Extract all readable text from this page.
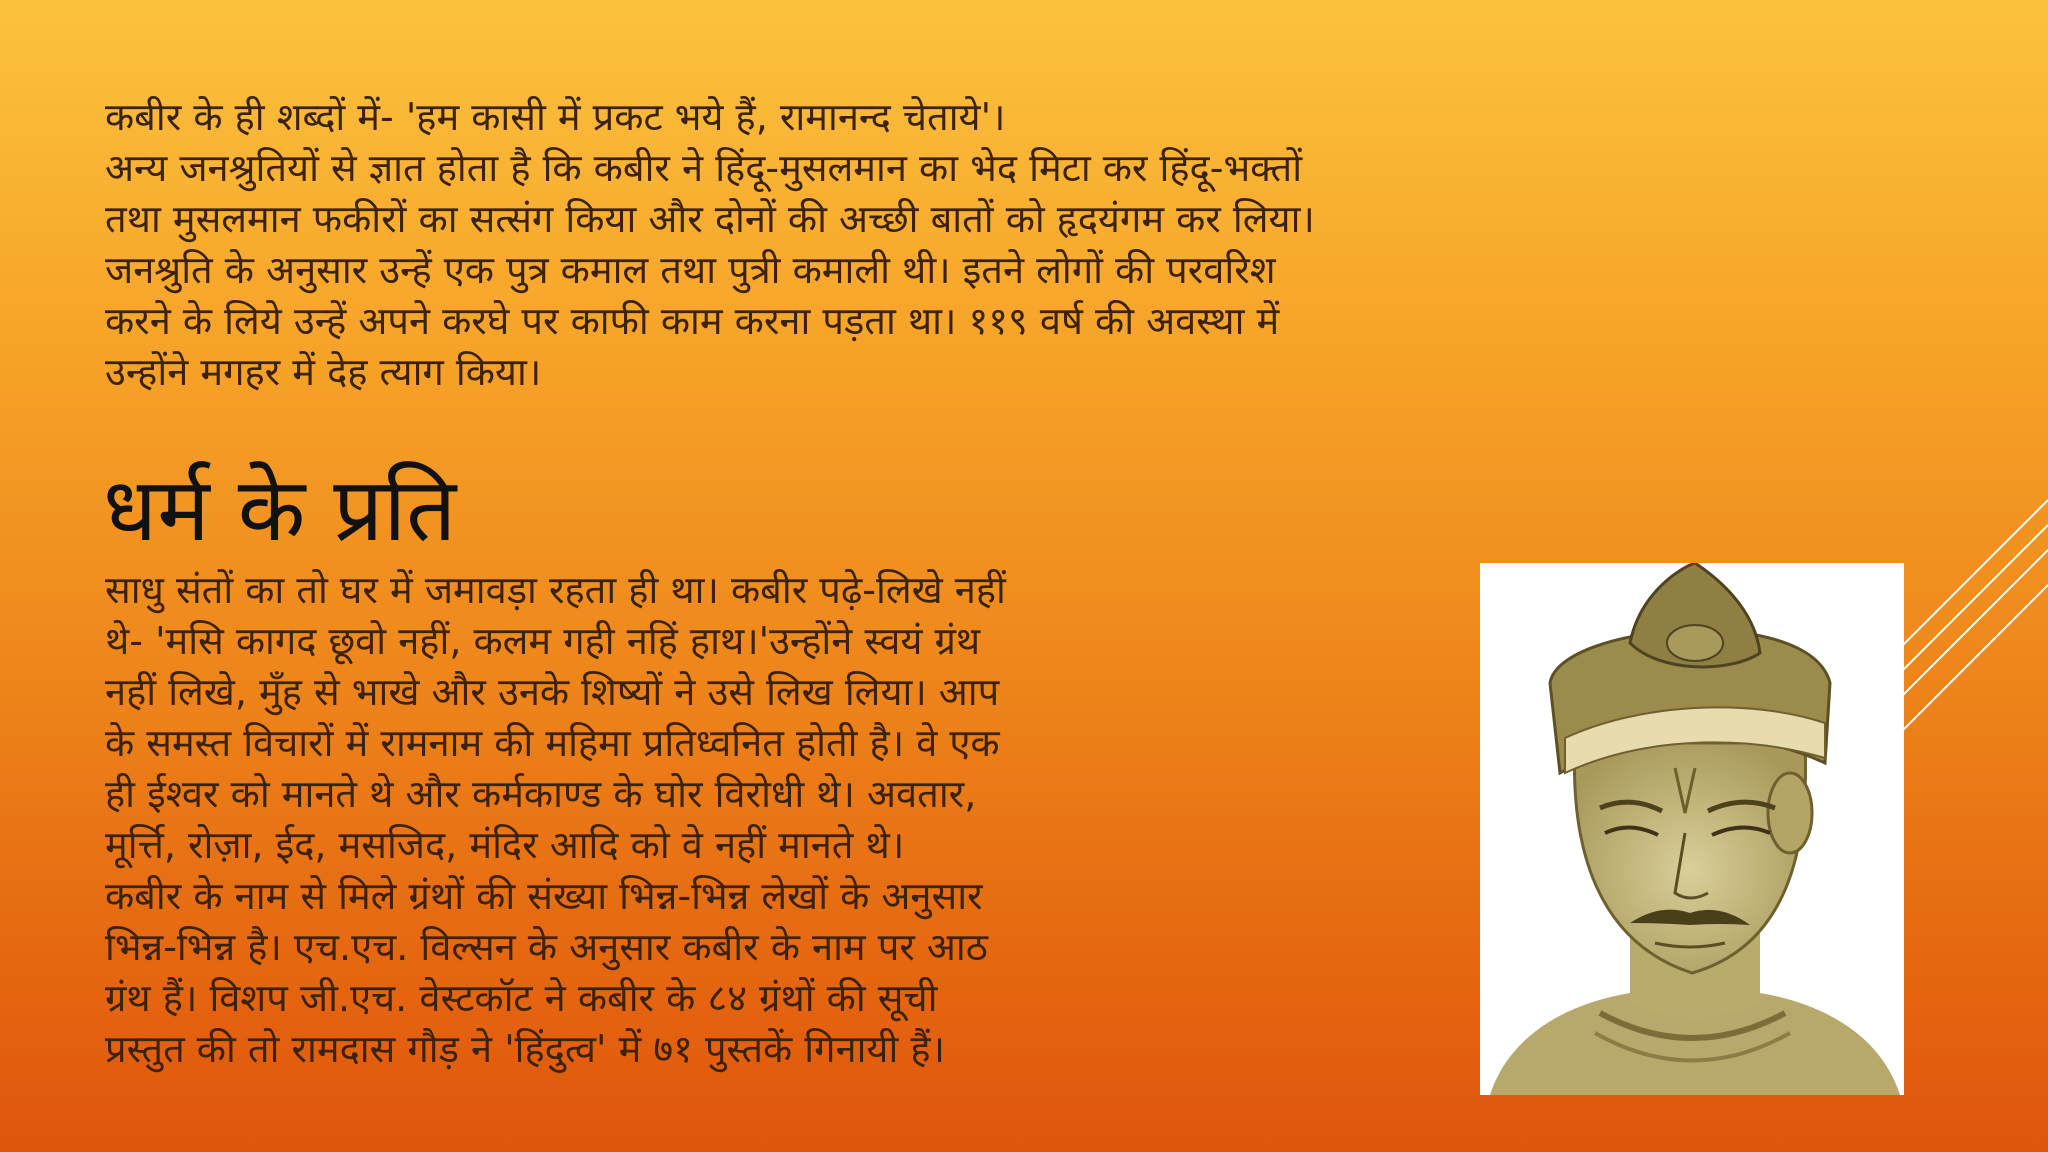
कबीर के ही शब्दों में- 'हम कासी में प्रकट भये हैं, रामानन्द चेताये'।
अन्य जनश्रुतियों से ज्ञात होता है कि कबीर ने हिंदू-मुसलमान का भेद मिटा कर हिंदू-भक्तों
तथा मुसलमान फकीरों का सत्संग किया और दोनों की अच्छी बातों को हृदयंगम कर लिया।
जनश्रुति के अनुसार उन्हें एक पुत्र कमाल तथा पुत्री कमाली थी। इतने लोगों की परवरिश
करने के लिये उन्हें अपने करघे पर काफी काम करना पड़ता था। ११९ वर्ष की अवस्था में
उन्होंने मगहर में देह त्याग किया।
धर्म के प्रति
साधु संतों का तो घर में जमावड़ा रहता ही था। कबीर पढ़े-लिखे नहीं
थे- 'मसि कागद छूवो नहीं, कलम गही नहिं हाथ।'उन्होंने स्वयं ग्रंथ
नहीं लिखे, मुँह से भाखे और उनके शिष्यों ने उसे लिख लिया। आप
के समस्त विचारों में रामनाम की महिमा प्रतिध्वनित होती है। वे एक
ही ईश्वर को मानते थे और कर्मकाण्ड के घोर विरोधी थे। अवतार,
मूर्त्ति, रोज़ा, ईद, मसजिद, मंदिर आदि को वे नहीं मानते थे।
कबीर के नाम से मिले ग्रंथों की संख्या भिन्न-भिन्न लेखों के अनुसार
भिन्न-भिन्न है। एच.एच. विल्सन के अनुसार कबीर के नाम पर आठ
ग्रंथ हैं। विशप जी.एच. वेस्टकॉट ने कबीर के ८४ ग्रंथों की सूची
प्रस्तुत की तो रामदास गौड़ ने 'हिंदुत्व' में ७१ पुस्तकें गिनायी हैं।
